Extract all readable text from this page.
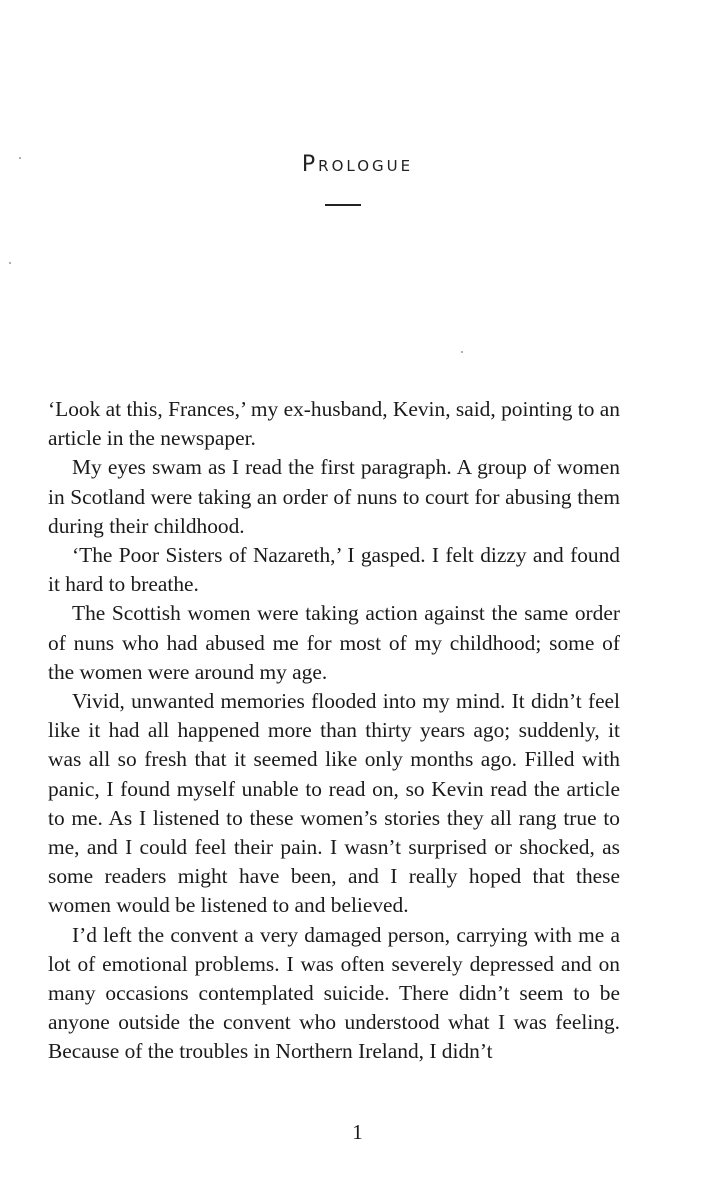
Prologue

‘Look at this, Frances,’ my ex-husband, Kevin, said, pointing to an article in the newspaper.

My eyes swam as I read the first paragraph. A group of women in Scotland were taking an order of nuns to court for abusing them during their childhood.

‘The Poor Sisters of Nazareth,’ I gasped. I felt dizzy and found it hard to breathe.

The Scottish women were taking action against the same order of nuns who had abused me for most of my childhood; some of the women were around my age.

Vivid, unwanted memories flooded into my mind. It didn’t feel like it had all happened more than thirty years ago; suddenly, it was all so fresh that it seemed like only months ago. Filled with panic, I found myself unable to read on, so Kevin read the article to me. As I listened to these women’s stories they all rang true to me, and I could feel their pain. I wasn’t surprised or shocked, as some readers might have been, and I really hoped that these women would be listened to and believed.

I’d left the convent a very damaged person, carrying with me a lot of emotional problems. I was often severely depressed and on many occasions contemplated suicide. There didn’t seem to be anyone outside the convent who understood what I was feeling. Because of the troubles in Northern Ireland, I didn’t

1
